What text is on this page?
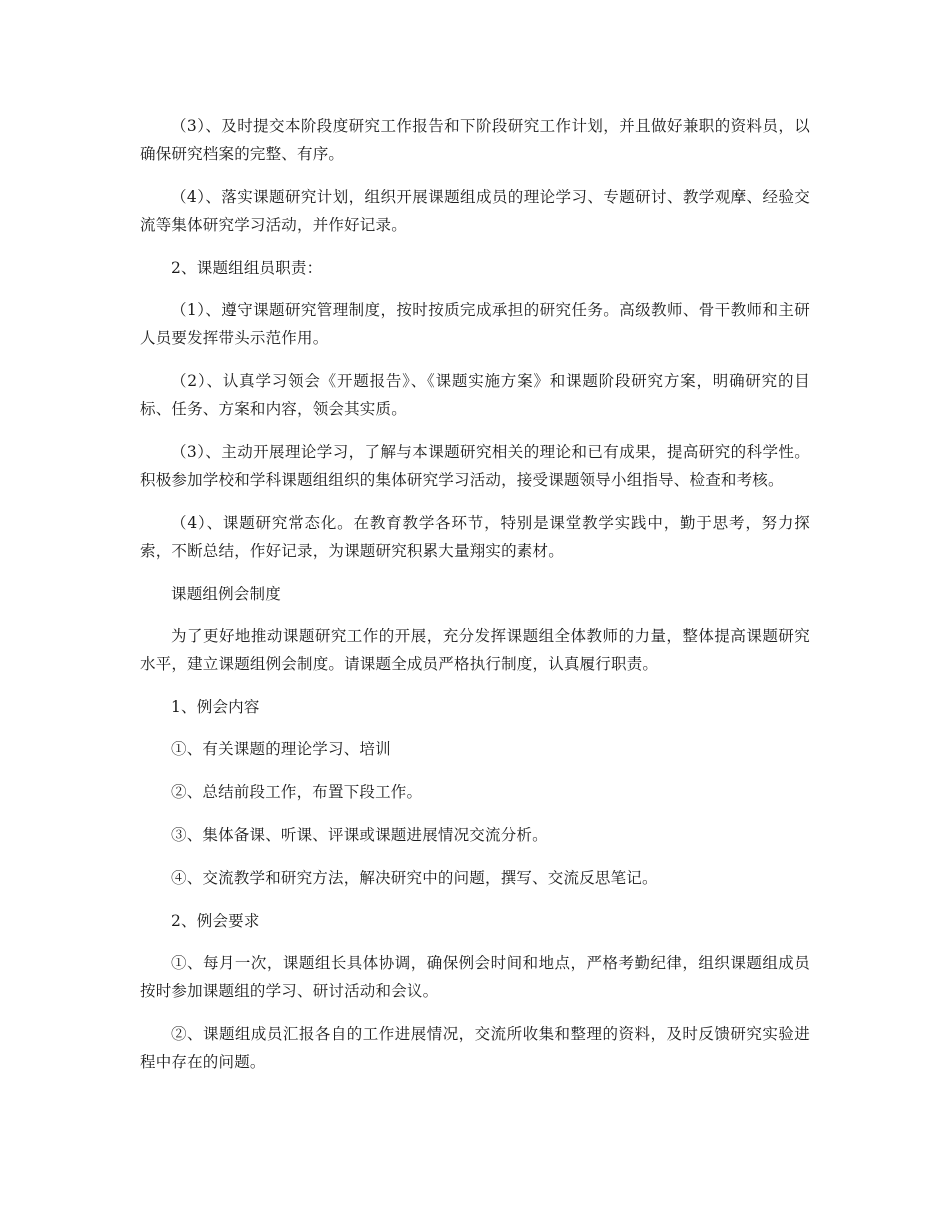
（3）、及时提交本阶段度研究工作报告和下阶段研究工作计划，并且做好兼职的资料员，以确保研究档案的完整、有序。

（4）、落实课题研究计划，组织开展课题组成员的理论学习、专题研讨、教学观摩、经验交流等集体研究学习活动，并作好记录。

2、课题组组员职责：

（1）、遵守课题研究管理制度，按时按质完成承担的研究任务。高级教师、骨干教师和主研人员要发挥带头示范作用。

（2）、认真学习领会《开题报告》、《课题实施方案》和课题阶段研究方案，明确研究的目标、任务、方案和内容，领会其实质。

（3）、主动开展理论学习，了解与本课题研究相关的理论和已有成果，提高研究的科学性。积极参加学校和学科课题组组织的集体研究学习活动，接受课题领导小组指导、检查和考核。

（4）、课题研究常态化。在教育教学各环节，特别是课堂教学实践中，勤于思考，努力探索，不断总结，作好记录，为课题研究积累大量翔实的素材。

课题组例会制度

为了更好地推动课题研究工作的开展，充分发挥课题组全体教师的力量，整体提高课题研究水平，建立课题组例会制度。请课题全成员严格执行制度，认真履行职责。

1、例会内容

①、有关课题的理论学习、培训

②、总结前段工作，布置下段工作。

③、集体备课、听课、评课或课题进展情况交流分析。

④、交流教学和研究方法，解决研究中的问题，撰写、交流反思笔记。

2、例会要求

①、每月一次，课题组长具体协调，确保例会时间和地点，严格考勤纪律，组织课题组成员按时参加课题组的学习、研讨活动和会议。

②、课题组成员汇报各自的工作进展情况，交流所收集和整理的资料，及时反馈研究实验进程中存在的问题。
